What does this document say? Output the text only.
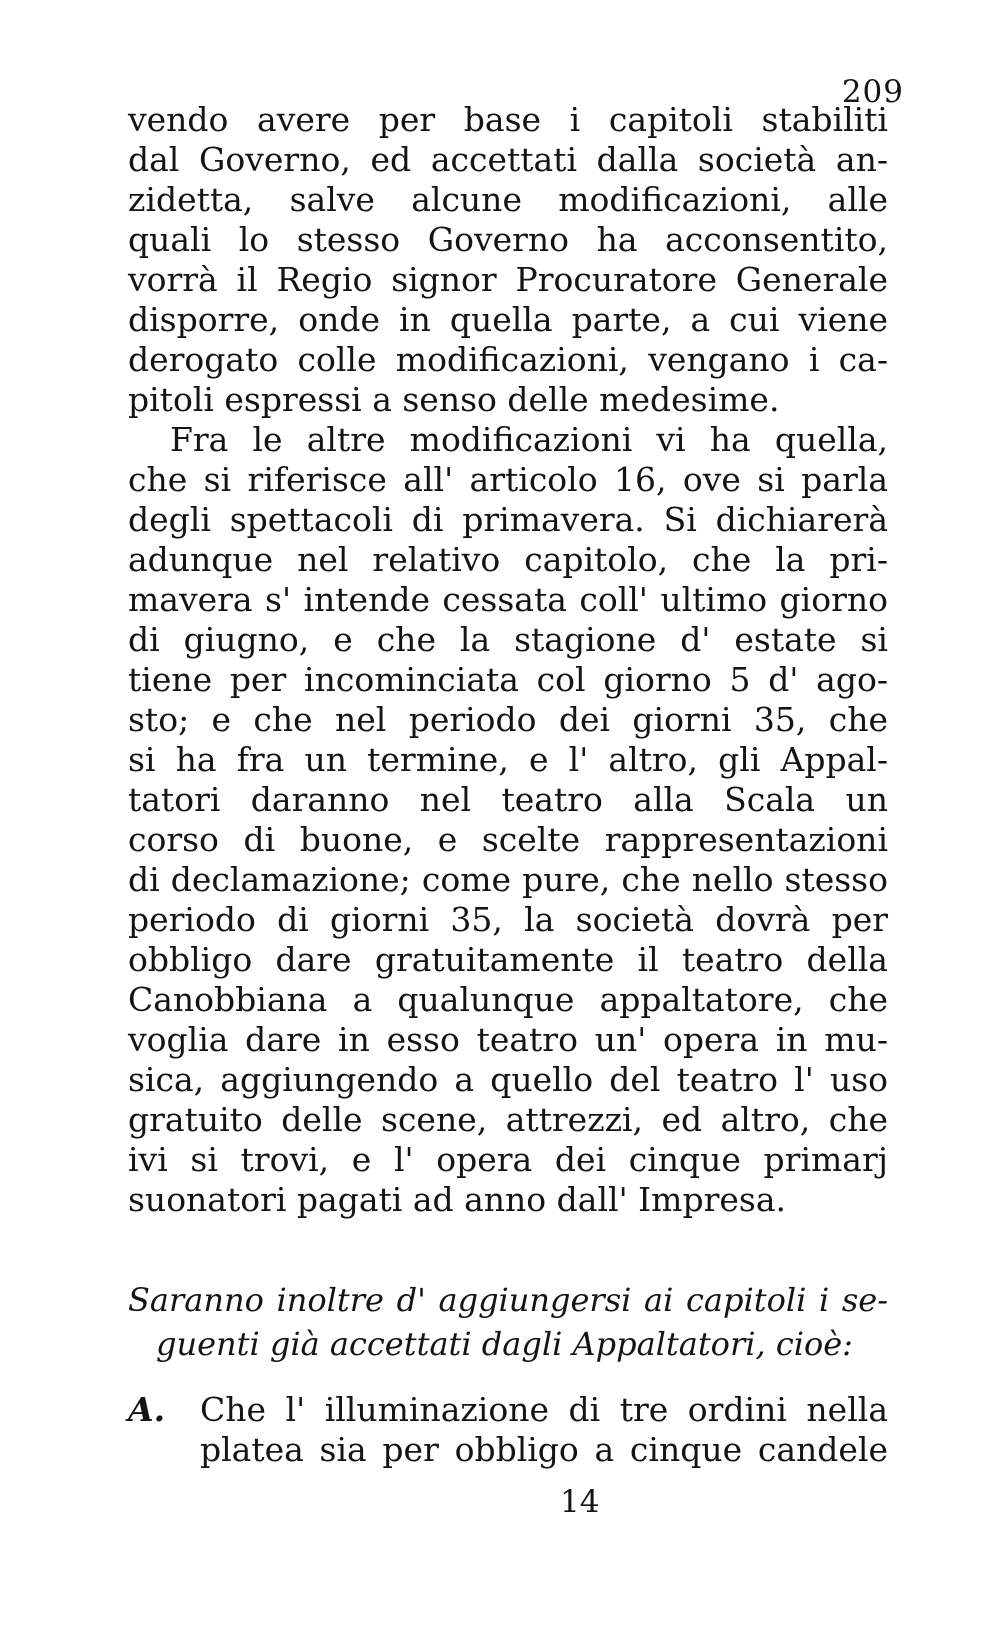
209
vendo avere per base i capitoli stabiliti
dal Governo, ed accettati dalla società an-
zidetta, salve alcune modificazioni, alle
quali lo stesso Governo ha acconsentito,
vorrà il Regio signor Procuratore Generale
disporre, onde in quella parte, a cui viene
derogato colle modificazioni, vengano i ca-
pitoli espressi a senso delle medesime.
Fra le altre modificazioni vi ha quella,
che si riferisce all' articolo 16, ove si parla
degli spettacoli di primavera. Si dichiarerà
adunque nel relativo capitolo, che la pri-
mavera s' intende cessata coll' ultimo giorno
di giugno, e che la stagione d' estate si
tiene per incominciata col giorno 5 d' ago-
sto; e che nel periodo dei giorni 35, che
si ha fra un termine, e l' altro, gli Appal-
tatori daranno nel teatro alla Scala un
corso di buone, e scelte rappresentazioni
di declamazione; come pure, che nello stesso
periodo di giorni 35, la società dovrà per
obbligo dare gratuitamente il teatro della
Canobbiana a qualunque appaltatore, che
voglia dare in esso teatro un' opera in mu-
sica, aggiungendo a quello del teatro l' uso
gratuito delle scene, attrezzi, ed altro, che
ivi si trovi, e l' opera dei cinque primarj
suonatori pagati ad anno dall' Impresa.
Saranno inoltre d' aggiungersi ai capitoli i se-
guenti già accettati dagli Appaltatori, cioè:
A.	Che l' illuminazione di tre ordini nella
platea sia per obbligo a cinque candele
14
